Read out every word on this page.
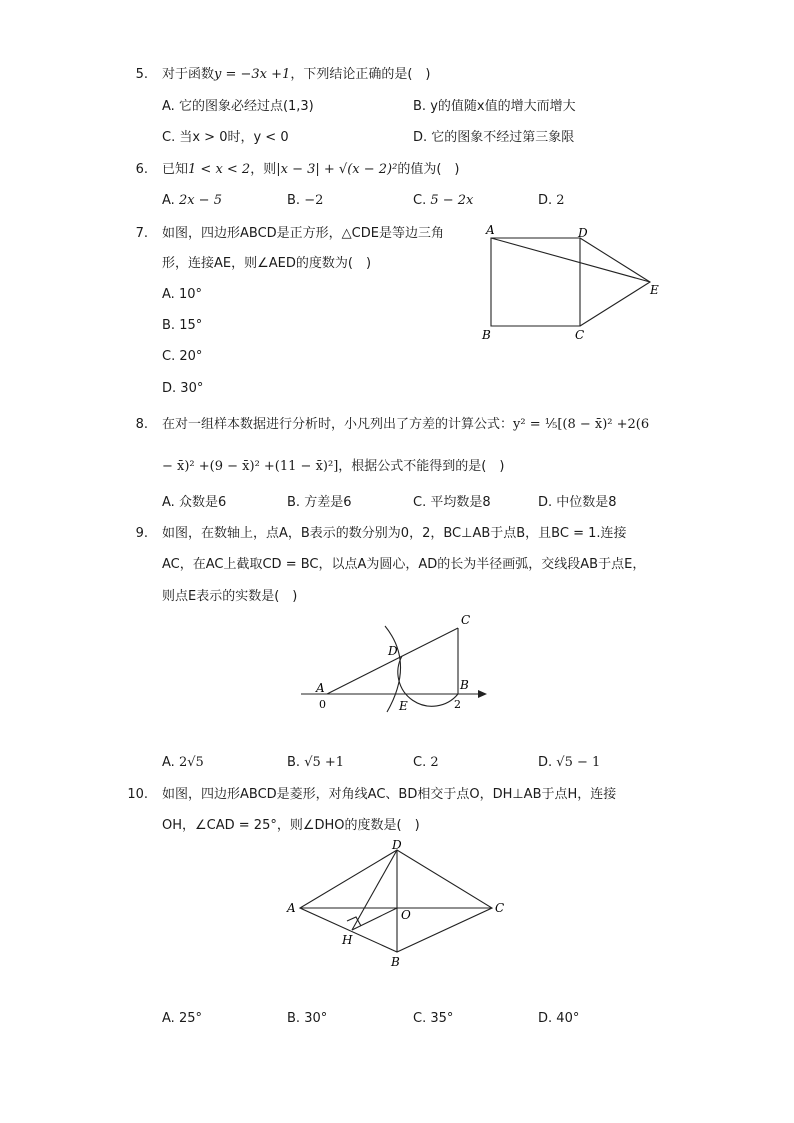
5. 对于函数y = −3x +1，下列结论正确的是(　)
A. 它的图象必经过点(1,3)	B. y的值随x值的增大而增大
C. 当x > 0时，y < 0	D. 它的图象不经过第三象限
6. 已知1 < x < 2，则|x − 3| + √(x − 2)²的值为(　)
A. 2x − 5	B. −2	C. 5 − 2x	D. 2
7. 如图，四边形ABCD是正方形，△CDE是等边三角
形，连接AE，则∠AED的度数为(　)
A. 10°
B. 15°
C. 20°
D. 30°
A	D
E
B	C
8. 在对一组样本数据进行分析时，小凡列出了方差的计算公式：y² = ⅕[(8 − x̄)² +2(6
− x̄)² +(9 − x̄)² +(11 − x̄)²]，根据公式不能得到的是(　)
A. 众数是6	B. 方差是6	C. 平均数是8	D. 中位数是8
9. 如图，在数轴上，点A，B表示的数分别为0，2，BC⊥AB于点B，且BC = 1.连接
AC，在AC上截取CD = BC，以点A为圆心，AD的长为半径画弧，交线段AB于点E，
则点E表示的实数是(　)
C
D
A	B
E
0	2
A. 2√5	B. √5 +1	C. 2	D. √5 − 1
10. 如图，四边形ABCD是菱形，对角线AC、BD相交于点O，DH⊥AB于点H，连接
OH，∠CAD = 25°，则∠DHO的度数是(　)
D
A	O	C
H
B
A. 25°	B. 30°	C. 35°	D. 40°
